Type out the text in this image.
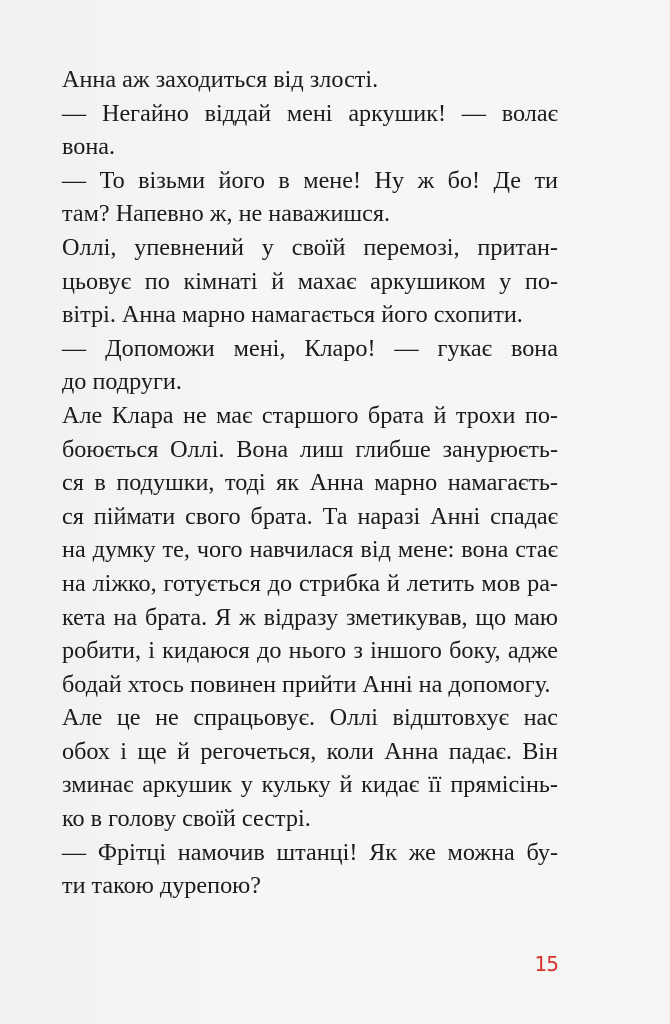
Анна аж заходиться від злості.
— Негайно віддай мені аркушик! — волає
вона.
— То візьми його в мене! Ну ж бо! Де ти
там? Напевно ж, не наважишся.
Оллі, упевнений у своїй перемозі, притан-
цьовує по кімнаті й махає аркушиком у по-
вітрі. Анна марно намагається його схопити.
— Допоможи мені, Кларо! — гукає вона
до подруги.
Але Клара не має старшого брата й трохи по-
боюється Оллі. Вона лиш глибше занурюєть-
ся в подушки, тоді як Анна марно намагаєть-
ся піймати свого брата. Та наразі Анні спадає
на думку те, чого навчилася від мене: вона стає
на ліжко, готується до стрибка й летить мов ра-
кета на брата. Я ж відразу зметикував, що маю
робити, і кидаюся до нього з іншого боку, адже
бодай хтось повинен прийти Анні на допомогу.
Але це не спрацьовує. Оллі відштовхує нас
обох і ще й регочеться, коли Анна падає. Він
зминає аркушик у кульку й кидає її прямісінь-
ко в голову своїй сестрі.
— Фрітці намочив штанці! Як же можна бу-
ти такою дурепою?
15
